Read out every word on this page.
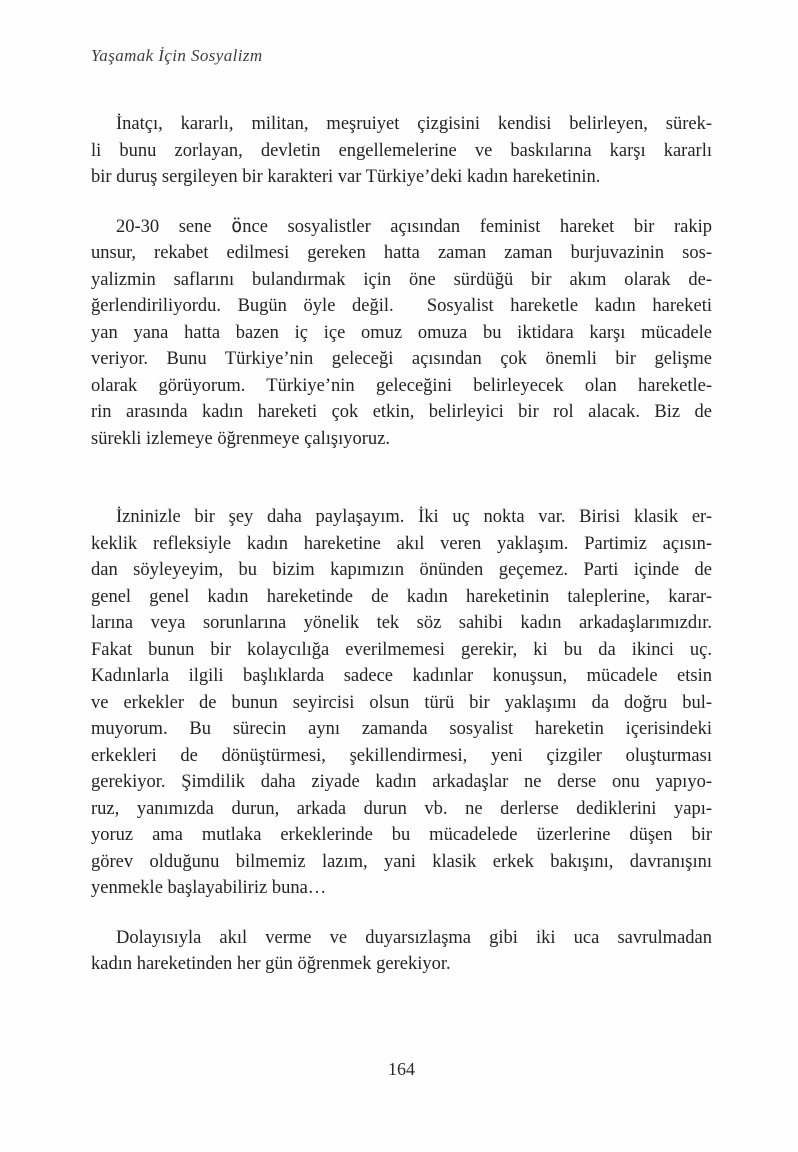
Yaşamak İçin Sosyalizm
İnatçı, kararlı, militan, meşruiyet çizgisini kendisi belirleyen, sürek-
li bunu zorlayan, devletin engellemelerine ve baskılarına karşı kararlı
bir duruş sergileyen bir karakteri var Türkiye’deki kadın hareketinin.
20-30 sene önce sosyalistler açısından feminist hareket bir rakip
unsur, rekabet edilmesi gereken hatta zaman zaman burjuvazinin sos-
yalizmin saflarını bulandırmak için öne sürdüğü bir akım olarak de-
ğerlendiriliyordu. Bugün öyle değil.  Sosyalist hareketle kadın hareketi
yan yana hatta bazen iç içe omuz omuza bu iktidara karşı mücadele
veriyor. Bunu Türkiye’nin geleceği açısından çok önemli bir gelişme
olarak görüyorum. Türkiye’nin geleceğini belirleyecek olan hareketle-
rin arasında kadın hareketi çok etkin, belirleyici bir rol alacak. Biz de
sürekli izlemeye öğrenmeye çalışıyoruz.
İzninizle bir şey daha paylaşayım. İki uç nokta var. Birisi klasik er-
keklik refleksiyle kadın hareketine akıl veren yaklaşım. Partimiz açısın-
dan söyleyeyim, bu bizim kapımızın önünden geçemez. Parti içinde de
genel genel kadın hareketinde de kadın hareketinin taleplerine, karar-
larına veya sorunlarına yönelik tek söz sahibi kadın arkadaşlarımızdır.
Fakat bunun bir kolaycılığa everilmemesi gerekir, ki bu da ikinci uç.
Kadınlarla ilgili başlıklarda sadece kadınlar konuşsun, mücadele etsin
ve erkekler de bunun seyircisi olsun türü bir yaklaşımı da doğru bul-
muyorum. Bu sürecin aynı zamanda sosyalist hareketin içerisindeki
erkekleri de dönüştürmesi, şekillendirmesi, yeni çizgiler oluşturması
gerekiyor. Şimdilik daha ziyade kadın arkadaşlar ne derse onu yapıyo-
ruz, yanımızda durun, arkada durun vb. ne derlerse dediklerini yapı-
yoruz ama mutlaka erkeklerinde bu mücadelede üzerlerine düşen bir
görev olduğunu bilmemiz lazım, yani klasik erkek bakışını, davranışını
yenmekle başlayabiliriz buna…
Dolayısıyla akıl verme ve duyarsızlaşma gibi iki uca savrulmadan
kadın hareketinden her gün öğrenmek gerekiyor.
164
